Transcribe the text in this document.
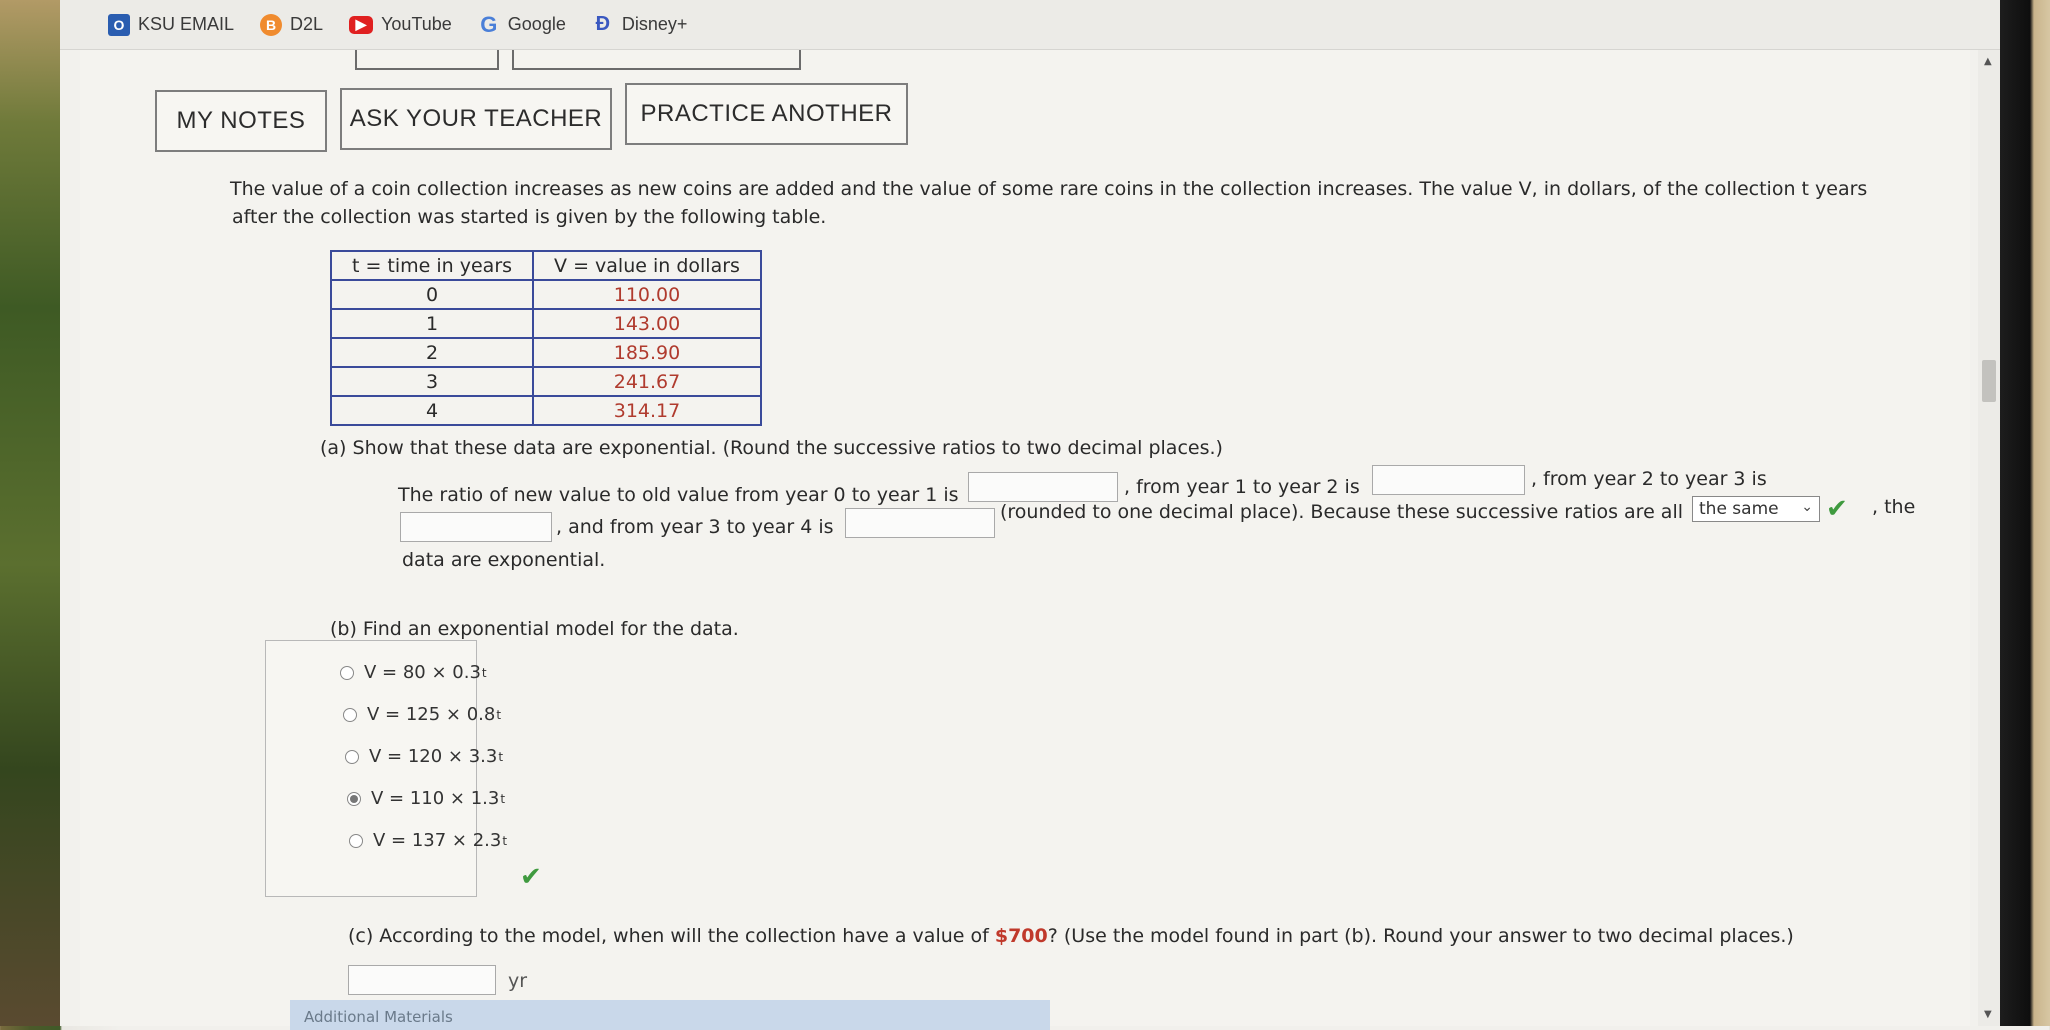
O KSU EMAIL	B D2L	▶ YouTube G Google Đ Disney+
▲
▼
MY NOTES	ASK YOUR TEACHER	PRACTICE ANOTHER
The value of a coin collection increases as new coins are added and the value of some rare coins in the collection increases. The value V, in dollars, of the collection t years
after the collection was started is given by the following table.
t = time in years	V = value in dollars
0	110.00
1	143.00
2	185.90
3	241.67
4	314.17
(a) Show that these data are exponential. (Round the successive ratios to two decimal places.)
The ratio of new value to old value from year 0 to year 1 is	, from year 1 to year 2 is	, from year 2 to year 3 is
, and from year 3 to year 4 is
(rounded to one decimal place). Because these successive ratios are all the same ⌄ ✔ , the
data are exponential.
(b) Find an exponential model for the data.
V = 80 × 0.3 t
V = 125 × 0.8 t
V = 120 × 3.3 t
V = 110 × 1.3 t
V = 137 × 2.3 t
✔
(c) According to the model, when will the collection have a value of $700? (Use the model found in part (b). Round your answer to two decimal places.)
yr
Additional Materials
